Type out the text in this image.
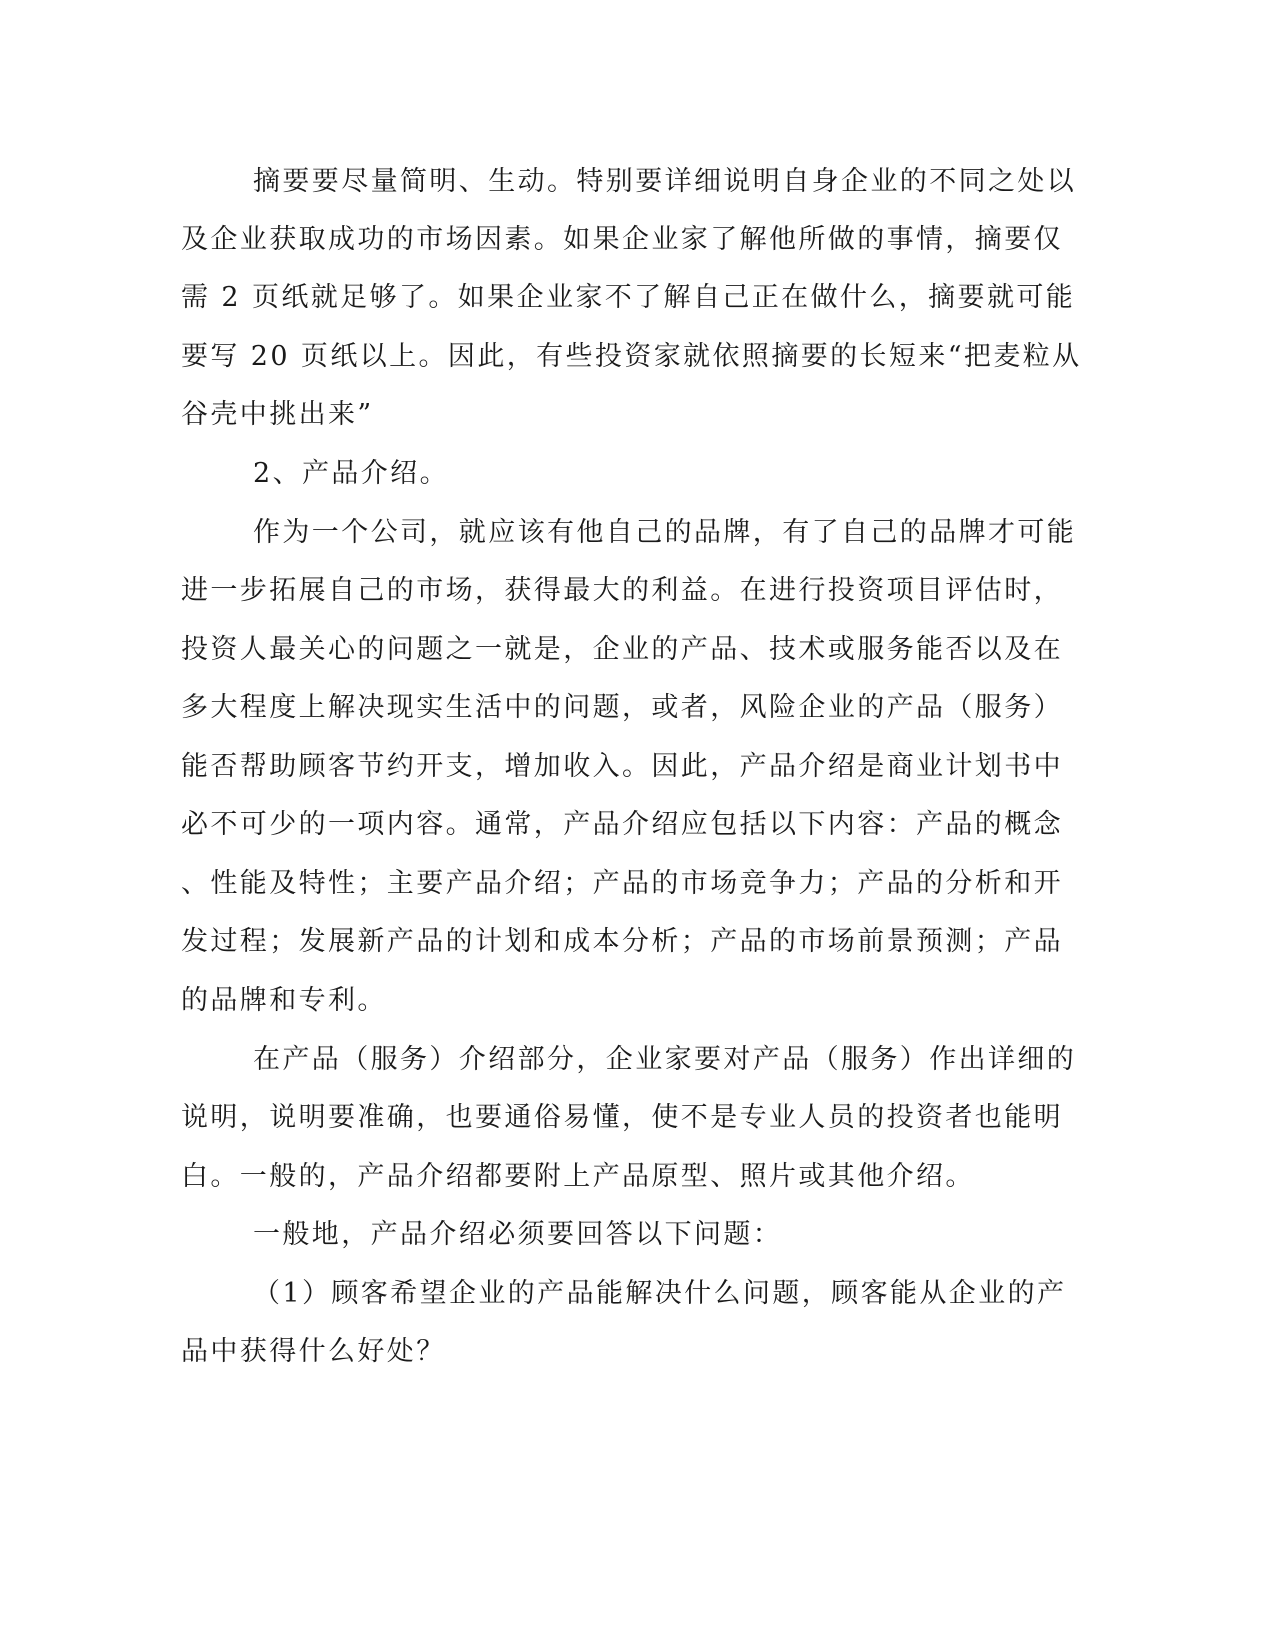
摘要要尽量简明、生动。特别要详细说明自身企业的不同之处以
及企业获取成功的市场因素。如果企业家了解他所做的事情，摘要仅
需 2 页纸就足够了。如果企业家不了解自己正在做什么，摘要就可能
要写 20 页纸以上。因此，有些投资家就依照摘要的长短来“把麦粒从
谷壳中挑出来”
2、产品介绍。
作为一个公司，就应该有他自己的品牌，有了自己的品牌才可能
进一步拓展自己的市场，获得最大的利益。在进行投资项目评估时，
投资人最关心的问题之一就是，企业的产品、技术或服务能否以及在
多大程度上解决现实生活中的问题，或者，风险企业的产品（服务）
能否帮助顾客节约开支，增加收入。因此，产品介绍是商业计划书中
必不可少的一项内容。通常，产品介绍应包括以下内容：产品的概念
、性能及特性；主要产品介绍；产品的市场竞争力；产品的分析和开
发过程；发展新产品的计划和成本分析；产品的市场前景预测；产品
的品牌和专利。
在产品（服务）介绍部分，企业家要对产品（服务）作出详细的
说明，说明要准确，也要通俗易懂，使不是专业人员的投资者也能明
白。一般的，产品介绍都要附上产品原型、照片或其他介绍。
一般地，产品介绍必须要回答以下问题：
（1）顾客希望企业的产品能解决什么问题，顾客能从企业的产
品中获得什么好处？
